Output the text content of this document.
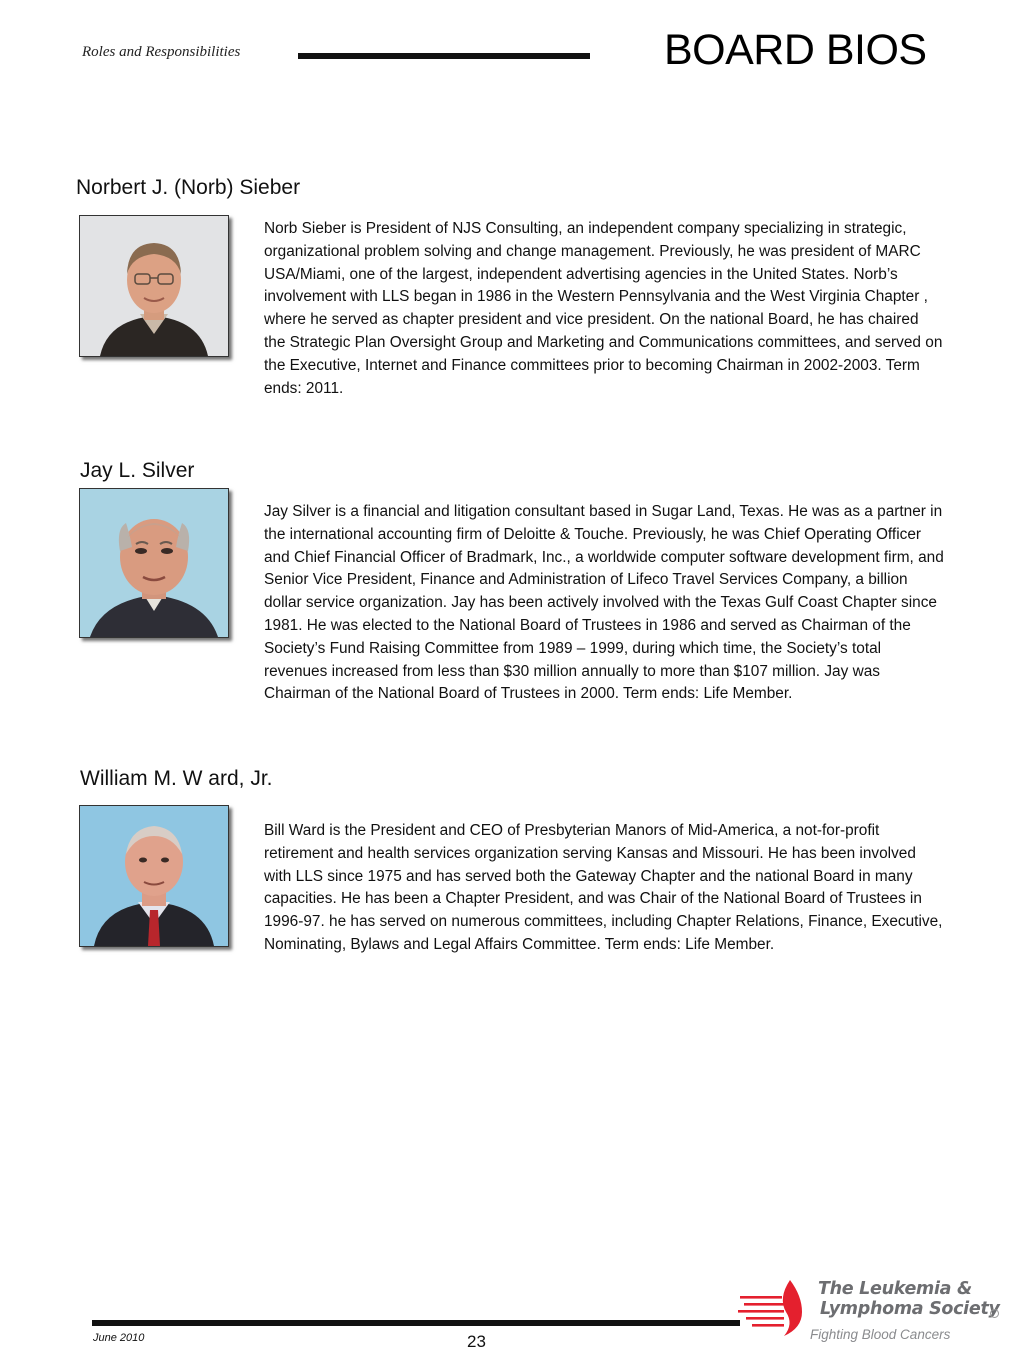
Roles and Responsibilities	BOARD BIOS
Norbert J. (Norb) Sieber

Norb Sieber is President of NJS Consulting, an independent company specializing in strategic, organizational problem solving and change management. Previously, he was president of MARC USA/Miami, one of the largest, independent advertising agencies in the United States. Norb’s involvement with LLS began in 1986 in the Western Pennsylvania and the West Virginia Chapter , where he served as chapter president and vice president. On the national Board, he has chaired the Strategic Plan Oversight Group and Marketing and Communications committees, and served on the Executive, Internet and Finance committees prior to becoming Chairman in 2002-2003. Term ends: 2011.

Jay L. Silver

Jay Silver is a financial and litigation consultant based in Sugar Land, Texas. He was as a partner in the international accounting firm of Deloitte & Touche. Previously, he was Chief Operating Officer and Chief Financial Officer of Bradmark, Inc., a worldwide computer software development firm, and Senior Vice President, Finance and Administration of Lifeco Travel Services Company, a billion dollar service organization. Jay has been actively involved with the Texas Gulf Coast Chapter since 1981. He was elected to the National Board of Trustees in 1986 and served as Chairman of the Society’s Fund Raising Committee from 1989 – 1999, during which time, the Society’s total revenues increased from less than $30 million annually to more than $107 million. Jay was Chairman of the National Board of Trustees in 2000. Term ends: Life Member.

William M. W ard, Jr.

Bill Ward is the President and CEO of Presbyterian Manors of Mid-America, a not-for-profit retirement and health services organization serving Kansas and Missouri. He has been involved with LLS since 1975 and has served both the Gateway Chapter and the national Board in many capacities. He has been a Chapter President, and was Chair of the National Board of Trustees in 1996-97. he has served on numerous committees, including Chapter Relations, Finance, Executive, Nominating, Bylaws and Legal Affairs Committee. Term ends: Life Member.

June 2010	23
The Leukemia &
Lymphoma Society
Fighting Blood Cancers
